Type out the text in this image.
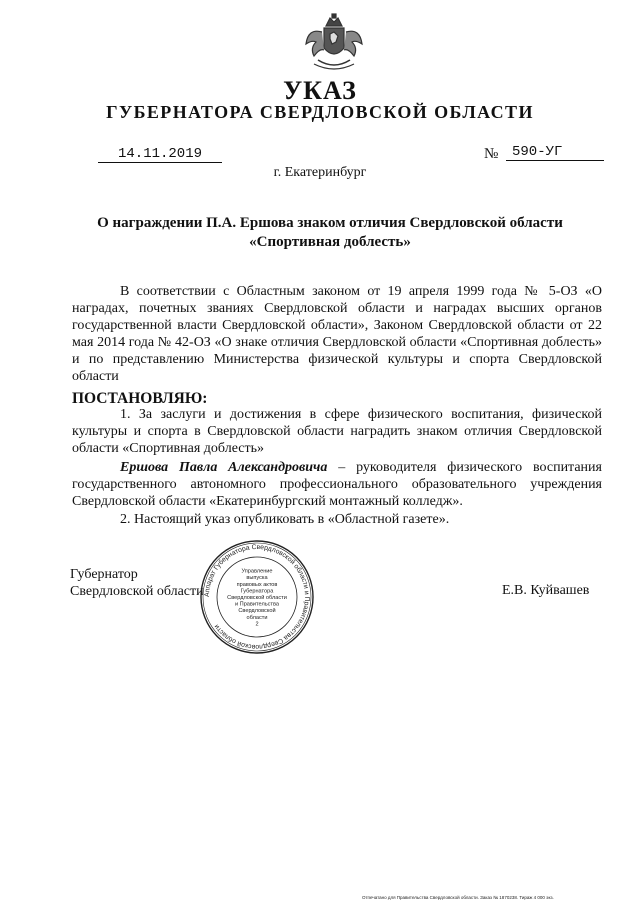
УКАЗ
ГУБЕРНАТОРА СВЕРДЛОВСКОЙ ОБЛАСТИ
14.11.2019	№ 590-УГ
г. Екатеринбург
О награждении П.А. Ершова знаком отличия Свердловской области
«Спортивная доблесть»
В соответствии с Областным законом от 19 апреля 1999 года № 5-ОЗ «О наградах, почетных званиях Свердловской области и наградах высших органов государственной власти Свердловской области», Законом Свердловской области от 22 мая 2014 года № 42-ОЗ «О знаке отличия Свердловской области «Спортивная доблесть» и по представлению Министерства физической культуры и спорта Свердловской области
ПОСТАНОВЛЯЮ:
1. За заслуги и достижения в сфере физического воспитания, физической культуры и спорта в Свердловской области наградить знаком отличия Свердловской области «Спортивная доблесть»
Ершова Павла Александровича – руководителя физического воспитания государственного автономного профессионального образовательного учреждения Свердловской области «Екатеринбургский монтажный колледж».
2. Настоящий указ опубликовать в «Областной газете».
Губернатор
Свердловской области	Е.В. Куйвашев
Аппарат Губернатора Свердловской области и Правительства Свердловской области
Управление
выпуска
правовых актов
Губернатора
Свердловской области
и Правительства
Свердловской
области
2
Отпечатано для Правительства Свердловской области. Заказ № 1870238. Тираж 4 000 экз.
